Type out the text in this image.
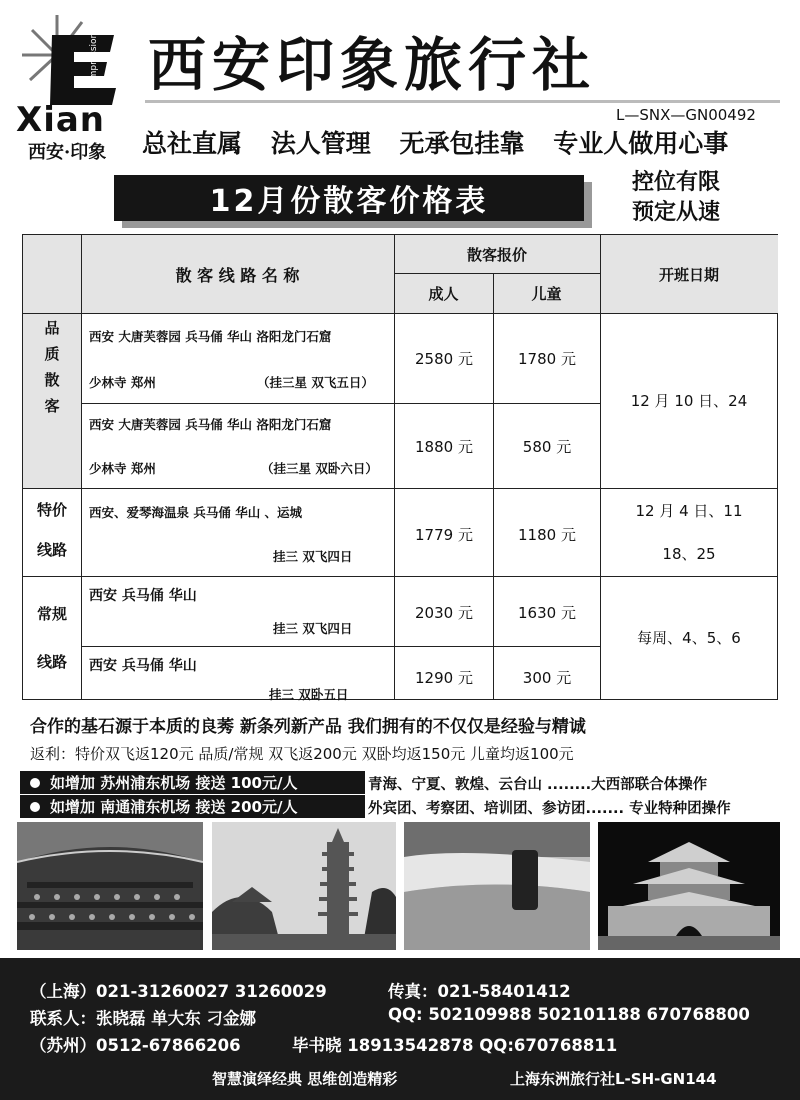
Impression
Xian
西安·印象
西安印象旅行社
L—SNX—GN00492
总社直属 法人管理 无承包挂靠 专业人做用心事
12月份散客价格表
控位有限
预定从速
散 客 线 路 名 称
散客报价
成人	儿童
开班日期
品
质
散
客
西安 大唐芙蓉园 兵马俑 华山 洛阳龙门石窟
少林寺 郑州	（挂三星 双飞五日）
2580 元	1780 元
西安 大唐芙蓉园 兵马俑 华山 洛阳龙门石窟
少林寺 郑州	（挂三星 双卧六日）
1880 元	580 元
12 月 10 日、24
特价
线路
西安、爱琴海温泉 兵马俑 华山 、运城
挂三 双飞四日
1779 元	1180 元
12 月 4 日、11
18、25
常规
线路
西安 兵马俑 华山
挂三 双飞四日
2030 元	1630 元
西安 兵马俑 华山
挂三 双卧五日
1290 元	300 元
每周、4、5、6
合作的基石源于本质的良莠 新条列新产品 我们拥有的不仅仅是经验与精诚
返利：特价双飞返120元 品质/常规 双飞返200元 双卧均返150元 儿童均返100元
如增加 苏州浦东机场 接送 100元/人
如增加 南通浦东机场 接送 200元/人
青海、宁夏、敦煌、云台山 ........大西部联合体操作
外宾团、考察团、培训团、参访团....... 专业特种团操作
（上海）021-31260027 31260029	传真：021-58401412
联系人：张晓磊 单大东 刁金娜	QQ: 502109988 502101188 670768800
（苏州）0512-67866206	毕书晓 18913542878 QQ:670768811
智慧演绎经典 思维创造精彩	上海东洲旅行社L-SH-GN144
